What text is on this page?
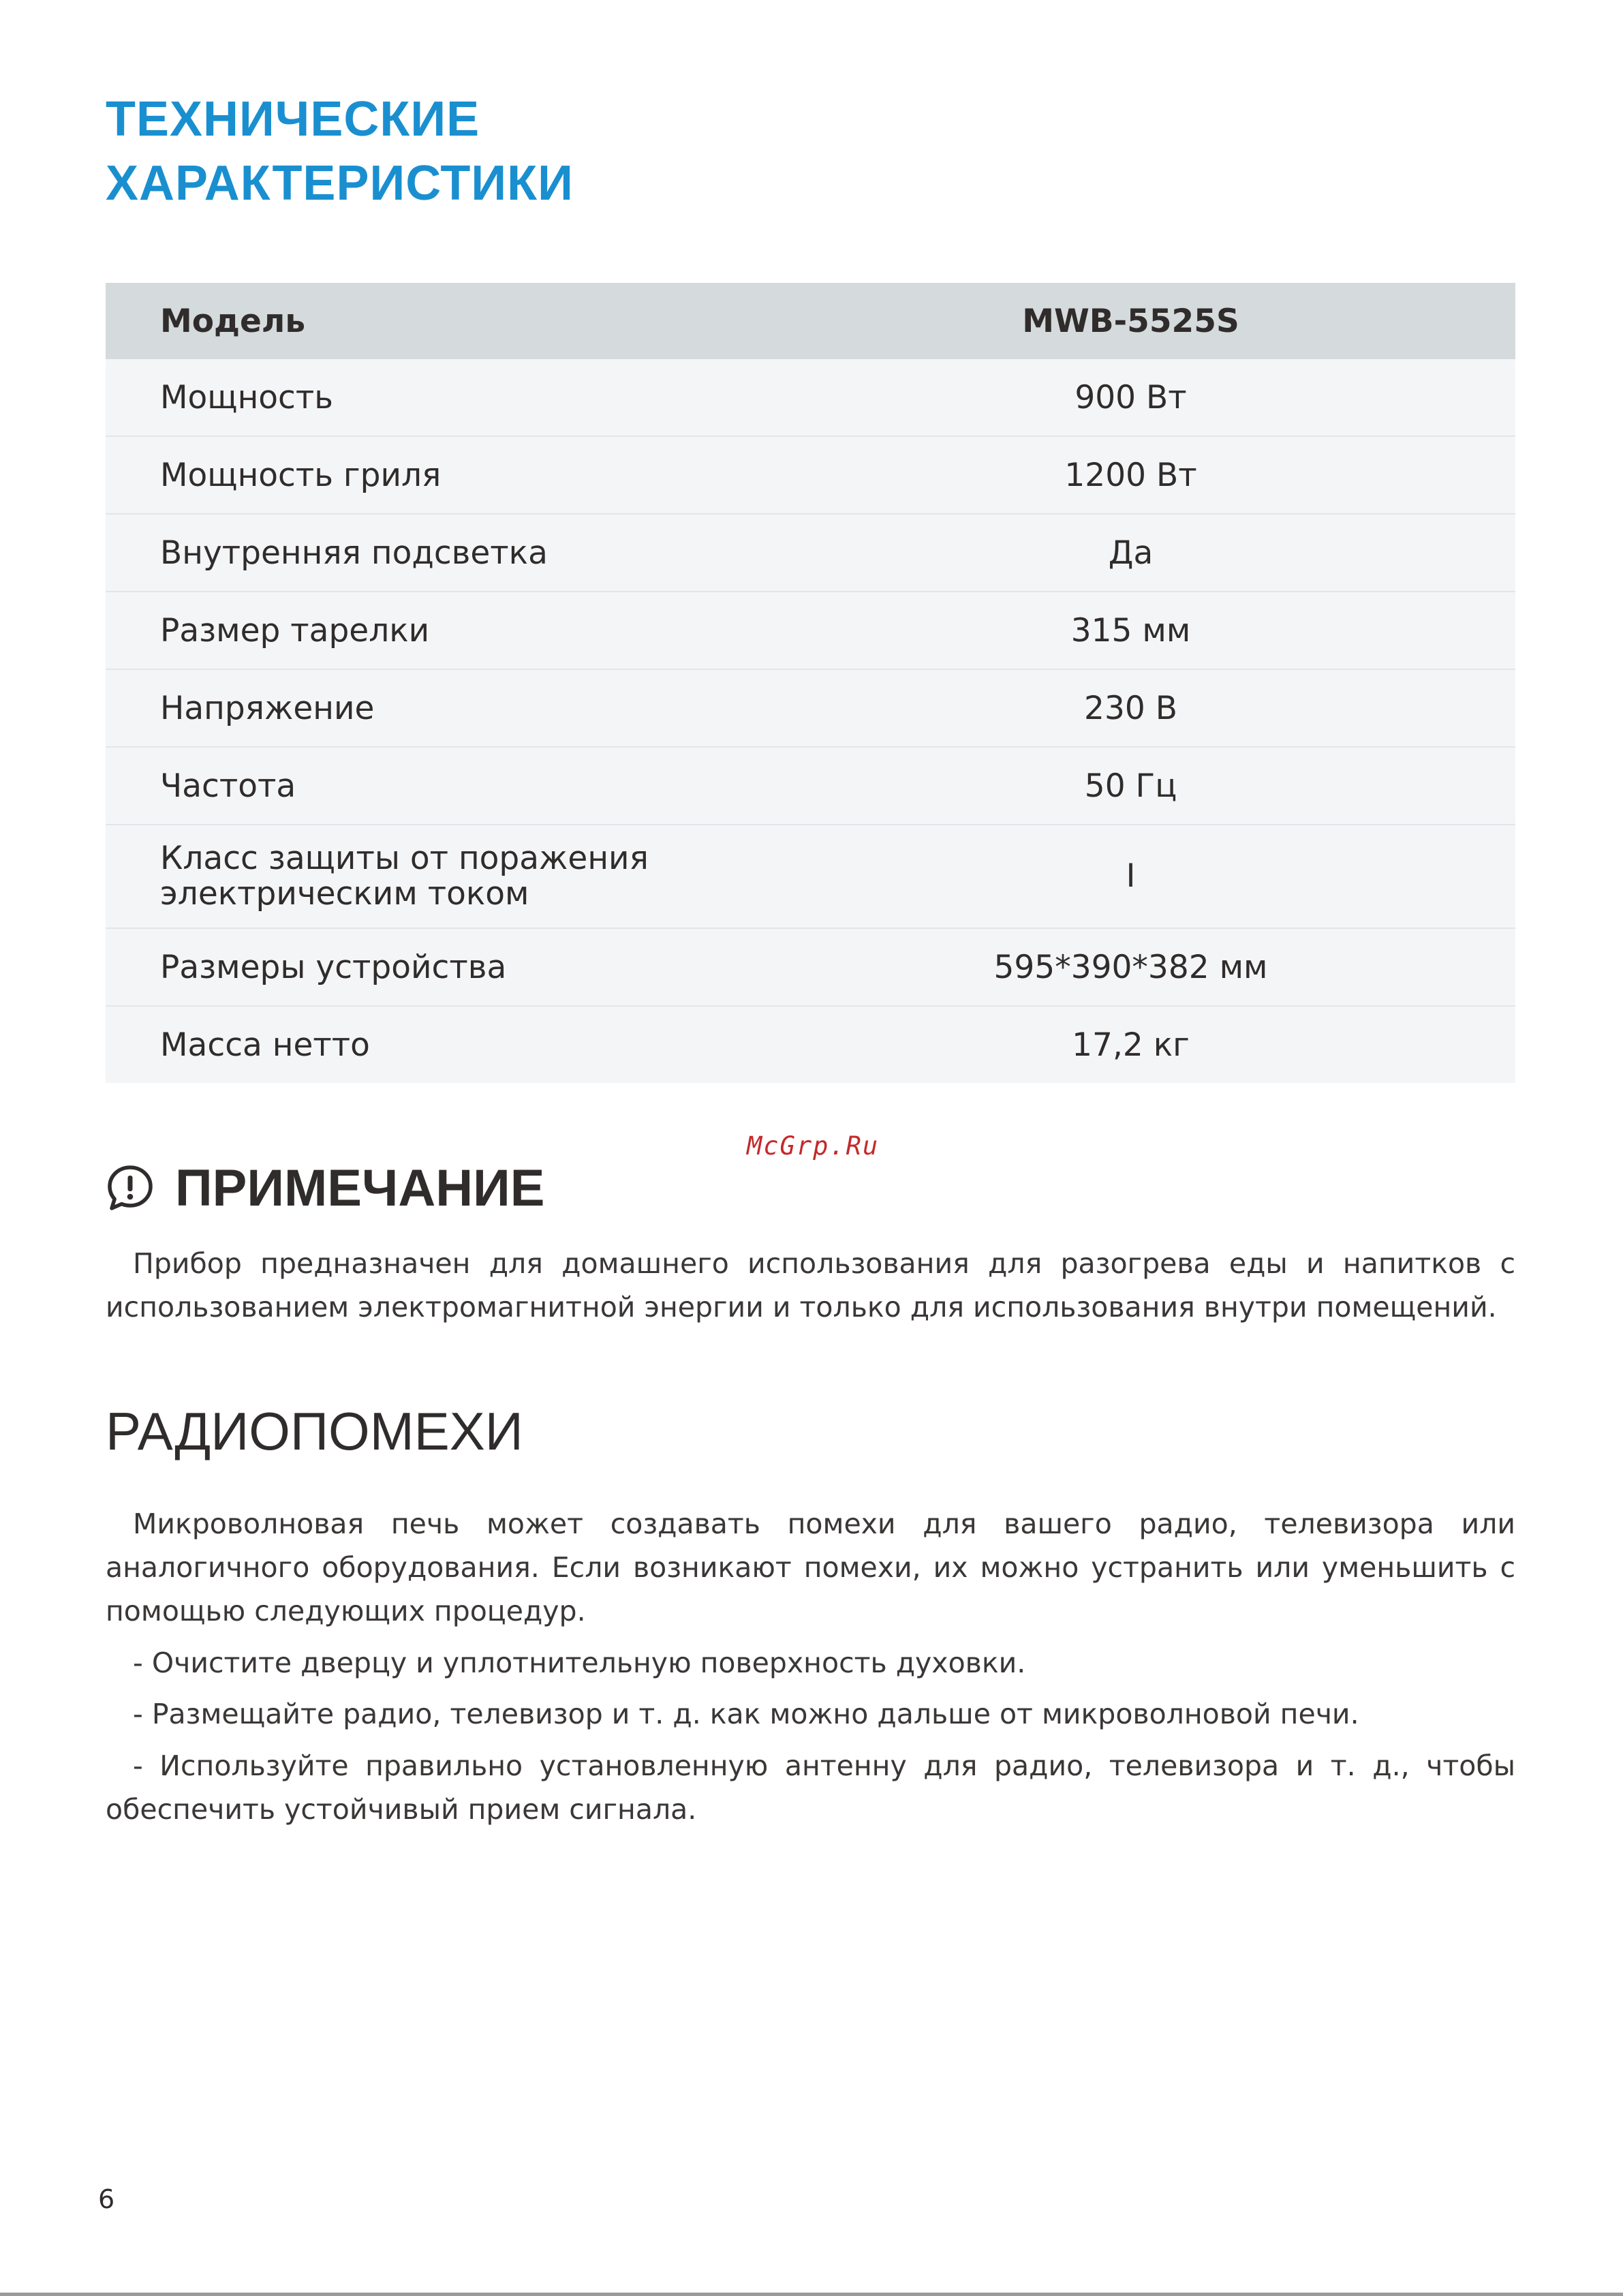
ТЕХНИЧЕСКИЕ
ХАРАКТЕРИСТИКИ
Модель	MWB-5525S
Мощность	900 Вт
Мощность гриля	1200 Вт
Внутренняя подсветка	Да
Размер тарелки	315 мм
Напряжение	230 В
Частота	50 Гц
Класс защиты от поражения
электрическим током	I
Размеры устройства	595*390*382 мм
Масса нетто	17,2 кг
McGrp.Ru
ПРИМЕЧАНИЕ

Прибор предназначен для домашнего использования для разогрева еды и напитков с использованием электромагнитной энергии и только для использования внутри помещений.

РАДИОПОМЕХИ

Микроволновая печь может создавать помехи для вашего радио, телевизора или аналогичного оборудования. Если возникают помехи, их можно устранить или уменьшить с помощью следующих процедур.

- Очистите дверцу и уплотнительную поверхность духовки.

- Размещайте радио, телевизор и т. д. как можно дальше от микроволновой печи.

- Используйте правильно установленную антенну для радио, телевизора и т. д., чтобы обеспечить устойчивый прием сигнала.

6
